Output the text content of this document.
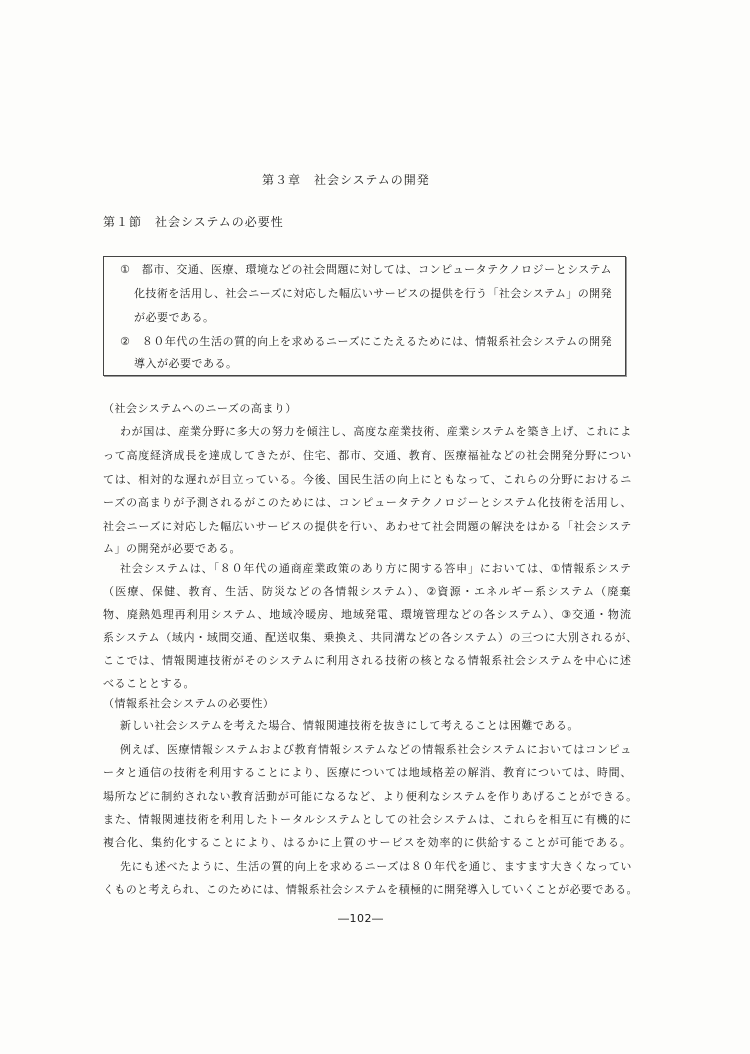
第３章　社会システムの開発
第１節　社会システムの必要性
①　都市、交通、医療、環境などの社会問題に対しては、コンピュータテクノロジーとシステム
化技術を活用し、社会ニーズに対応した幅広いサービスの提供を行う「社会システム」の開発
が必要である。
②　８０年代の生活の質的向上を求めるニーズにこたえるためには、情報系社会システムの開発
導入が必要である。
（社会システムへのニーズの高まり）
わが国は、産業分野に多大の努力を傾注し、高度な産業技術、産業システムを築き上げ、これによ
って高度経済成長を達成してきたが、住宅、都市、交通、教育、医療福祉などの社会開発分野につい
ては、相対的な遅れが目立っている。今後、国民生活の向上にともなって、これらの分野におけるニ
ーズの高まりが予測されるがこのためには、コンピュータテクノロジーとシステム化技術を活用し、
社会ニーズに対応した幅広いサービスの提供を行い、あわせて社会問題の解決をはかる「社会システ
ム」の開発が必要である。
社会システムは、「８０年代の通商産業政策のあり方に関する答申」においては、①情報系システ
（医療、保健、教育、生活、防災などの各情報システム）、②資源・エネルギー系システム（廃棄
物、廃熱処理再利用システム、地域冷暖房、地域発電、環境管理などの各システム）、③交通・物流
系システム（域内・域間交通、配送収集、乗換え、共同溝などの各システム）の三つに大別されるが、
ここでは、情報関連技術がそのシステムに利用される技術の核となる情報系社会システムを中心に述
べることとする。
（情報系社会システムの必要性）
新しい社会システムを考えた場合、情報関連技術を抜きにして考えることは困難である。
例えば、医療情報システムおよび教育情報システムなどの情報系社会システムにおいてはコンピュ
ータと通信の技術を利用することにより、医療については地域格差の解消、教育については、時間、
場所などに制約されない教育活動が可能になるなど、より便利なシステムを作りあげることができる。
また、情報関連技術を利用したトータルシステムとしての社会システムは、これらを相互に有機的に
複合化、集約化することにより、はるかに上質のサービスを効率的に供給することが可能である。
先にも述べたように、生活の質的向上を求めるニーズは８０年代を通じ、ますます大きくなってい
くものと考えられ、このためには、情報系社会システムを積極的に開発導入していくことが必要である。
―102―
